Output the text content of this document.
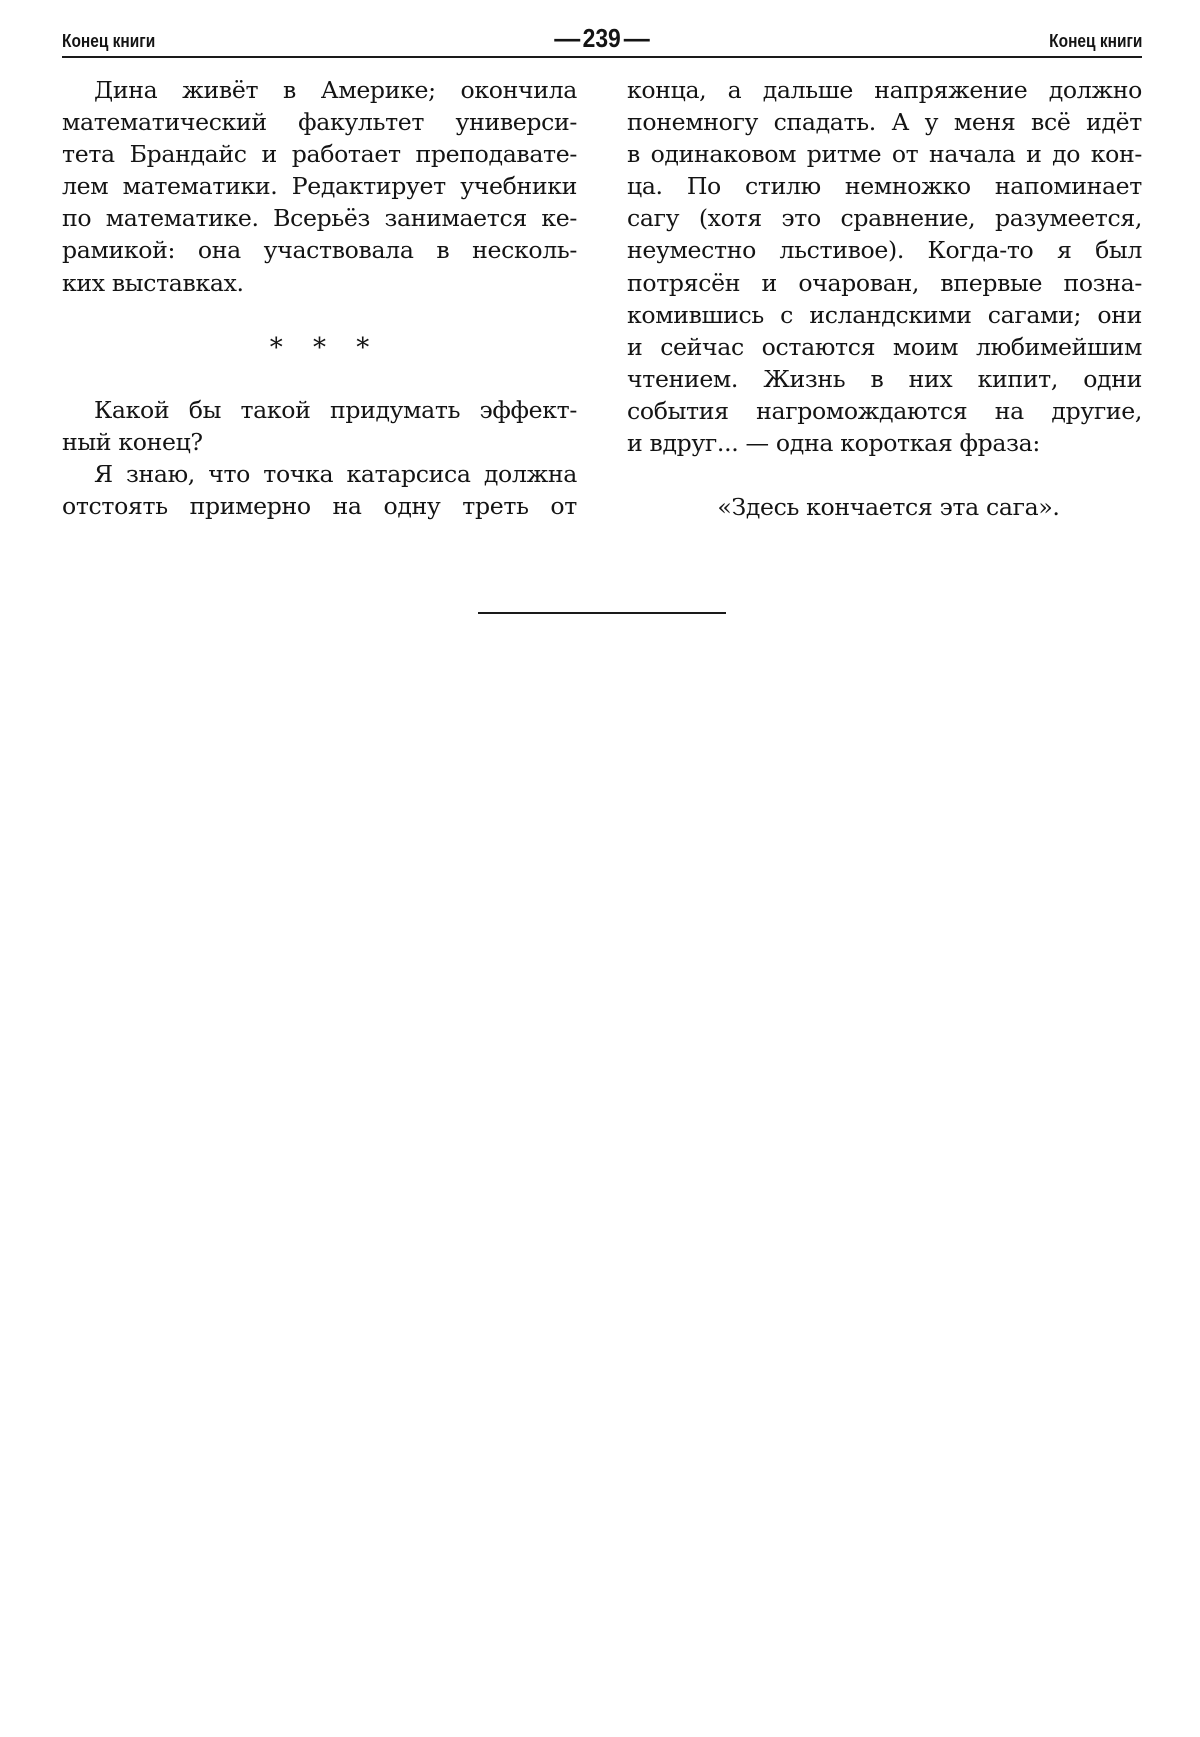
Конец книги	— 239 —	Конец книги
Дина живёт в Америке; окончила
математический факультет универси-
тета Брандайс и работает преподавате-
лем математики. Редактирует учебники
по математике. Всерьёз занимается ке-
рамикой: она участвовала в несколь-
ких выставках.
* * *
Какой бы такой придумать эффект-
ный конец?
Я знаю, что точка катарсиса должна
отстоять примерно на одну треть от
конца, а дальше напряжение должно
понемногу спадать. А у меня всё идёт
в одинаковом ритме от начала и до кон-
ца. По стилю немножко напоминает
сагу (хотя это сравнение, разумеется,
неуместно льстивое). Когда-то я был
потрясён и очарован, впервые позна-
комившись с исландскими сагами; они
и сейчас остаются моим любимейшим
чтением. Жизнь в них кипит, одни
события нагромождаются на другие,
и вдруг... — одна короткая фраза:
«Здесь кончается эта сага».
